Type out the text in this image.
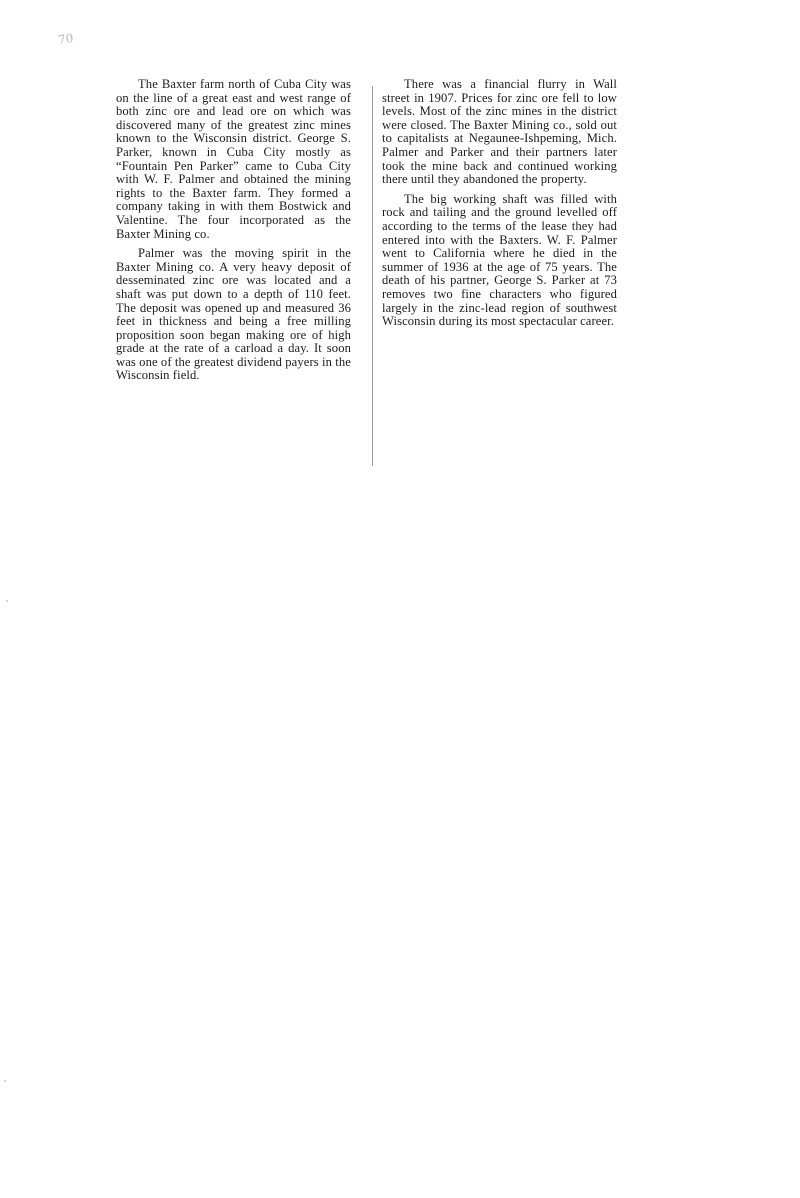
70

The Baxter farm north of Cuba City was on the line of a great east and west range of both zinc ore and lead ore on which was discovered many of the greatest zinc mines known to the Wisconsin district. George S. Parker, known in Cuba City mostly as “Fountain Pen Parker” came to Cuba City with W. F. Palmer and obtained the mining rights to the Baxter farm. They formed a company taking in with them Bostwick and Valentine. The four incorporated as the Baxter Mining co.

Palmer was the moving spirit in the Baxter Mining co. A very heavy deposit of desseminated zinc ore was located and a shaft was put down to a depth of 110 feet. The deposit was opened up and measured 36 feet in thickness and being a free milling proposition soon began making ore of high grade at the rate of a carload a day. It soon was one of the greatest dividend payers in the Wisconsin field.

There was a financial flurry in Wall street in 1907. Prices for zinc ore fell to low levels. Most of the zinc mines in the district were closed. The Baxter Mining co., sold out to capitalists at Negaunee-Ishpeming, Mich. Palmer and Parker and their partners later took the mine back and continued working there until they abandoned the property.

The big working shaft was filled with rock and tailing and the ground levelled off according to the terms of the lease they had entered into with the Baxters. W. F. Palmer went to California where he died in the summer of 1936 at the age of 75 years. The death of his partner, George S. Parker at 73 removes two fine characters who figured largely in the zinc-lead region of southwest Wisconsin during its most spectacular career.
